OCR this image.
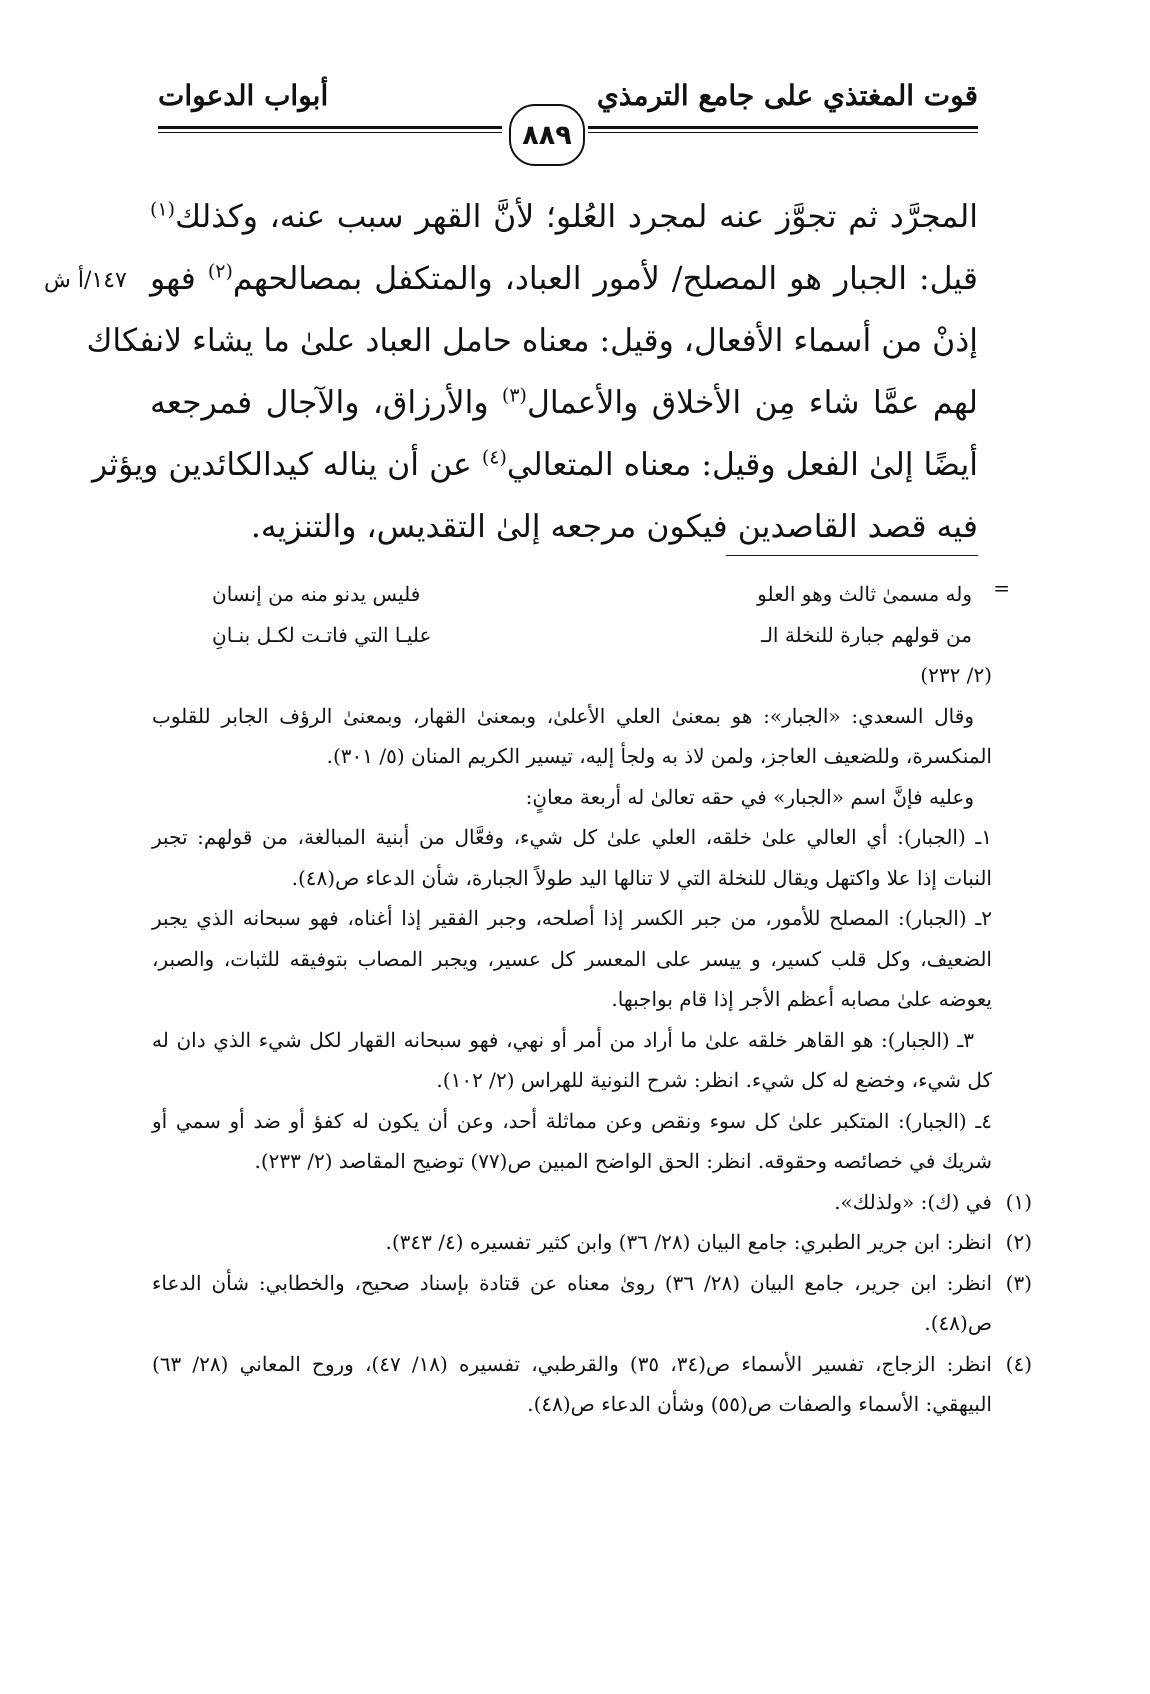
قوت المغتذي على جامع الترمذي
أبواب الدعوات
٨٨٩
١٤٧/أ ش
المجرَّد ثم تجوَّز عنه لمجرد العُلو؛ لأنَّ القهر سبب عنه، وكذلك$^{(١)}$
قيل: الجبار هو المصلح/ لأمور العباد، والمتكفل بمصالحهم$^{(٢)}$ فهو
إذنْ من أسماء الأفعال، وقيل: معناه حامل العباد علىٰ ما يشاء لانفكاك
لهم عمَّا شاء مِن الأخلاق والأعمال$^{(٣)}$ والأرزاق، والآجال فمرجعه
أيضًا إلىٰ الفعل وقيل: معناه المتعالي$^{(٤)}$ عن أن يناله كيدالكائدين ويؤثر
فيه قصد القاصدين فيكون مرجعه إلىٰ التقديس، والتنزيه.
=
وله مسمىٰ ثالث وهو العلو
فليس يدنو منه من إنسان
من قولهم جبارة للنخلة الـ
عليـا التي فاتـت لكـل بنـانِ
(٢/ ٢٣٢)
وقال السعدي: «الجبار»: هو بمعنىٰ العلي الأعلىٰ، وبمعنىٰ القهار، وبمعنىٰ الرؤف الجابر للقلوب المنكسرة، وللضعيف العاجز، ولمن لاذ به ولجأ إليه، تيسير الكريم المنان (٥/ ٣٠١).
وعليه فإنَّ اسم «الجبار» في حقه تعالىٰ له أربعة معانٍ:
١ـ (الجبار): أي العالي علىٰ خلقه، العلي علىٰ كل شيء، وفعَّال من أبنية المبالغة، من قولهم: تجبر النبات إذا علا واكتهل ويقال للنخلة التي لا تنالها اليد طولاً الجبارة، شأن الدعاء ص(٤٨).
٢ـ (الجبار): المصلح للأمور، من جبر الكسر إذا أصلحه، وجبر الفقير إذا أغناه، فهو سبحانه الذي يجبر الضعيف، وكل قلب كسير، و ييسر على المعسر كل عسير، ويجبر المصاب بتوفيقه للثبات، والصبر، يعوضه علىٰ مصابه أعظم الأجر إذا قام بواجبها.
٣ـ (الجبار): هو القاهر خلقه علىٰ ما أراد من أمر أو نهي، فهو سبحانه القهار لكل شيء الذي دان له كل شيء، وخضع له كل شيء. انظر: شرح النونية للهراس (٢/ ١٠٢).
٤ـ (الجبار): المتكبر علىٰ كل سوء ونقص وعن مماثلة أحد، وعن أن يكون له كفؤ أو ضد أو سمي أو شريك في خصائصه وحقوقه. انظر: الحق الواضح المبين ص(٧٧) توضيح المقاصد (٢/ ٢٣٣).
(١)
في (ك): «ولذلك».
(٢)
انظر: ابن جرير الطبري: جامع البيان (٢٨/ ٣٦) وابن كثير تفسيره (٤/ ٣٤٣).
(٣)
انظر: ابن جرير، جامع البيان (٢٨/ ٣٦) روىٰ معناه عن قتادة بإسناد صحيح، والخطابي: شأن الدعاء ص(٤٨).
(٤)
انظر: الزجاج، تفسير الأسماء ص(٣٤، ٣٥) والقرطبي، تفسيره (١٨/ ٤٧)، وروح المعاني (٢٨/ ٦٣) البيهقي: الأسماء والصفات ص(٥٥) وشأن الدعاء ص(٤٨).
